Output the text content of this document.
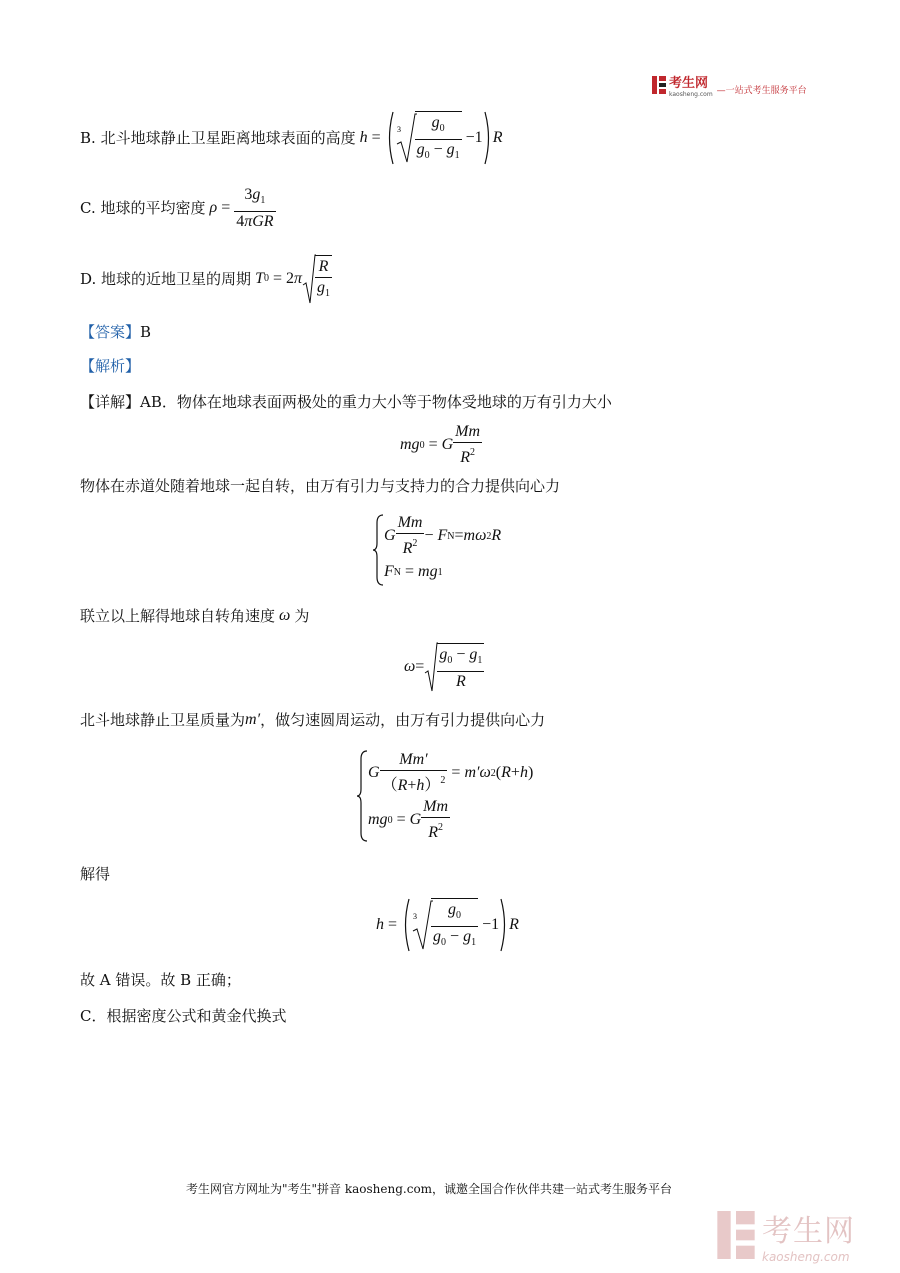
考生网
kaosheng.com —一站式考生服务平台
B.
北斗地球静止卫星距离地球表面的高度 $h = 3 \frac{g_0}{g_0 - g_1} -1$ R
C.
地球的平均密度 $\rho = \frac{3g_1}{\text{4πGR}}$
D.
地球的近地卫星的周期
T 0 = 2 π $\frac{R}{g_1}$
【答案】B
【解析】
【详解】AB．物体在地球表面两极处的重力大小等于物体受地球的万有引力大小
mg 0 = G $\frac{Mm}{R^2}$
物体在赤道处随着地球一起自转，由万有引力与支持力的合力提供向心力
G $\frac{Mm}{R^2} - F$ N = mω 2 R
F N = mg 1
联立以上解得地球自转角速度 ω 为
$\omega = \frac{g_0 - g_1}{R}$
北斗地球静止卫星质量为 m′ ，做匀速圆周运动，由万有引力提供向心力
G $\frac{Mm'}{(R+h)^2} = m'\omega$ 2 ( R + h )
mg 0 = G $\frac{Mm}{R^2}$
解得
$h = 3 \frac{g_0}{g_0 - g_1} -1$ R
故 A 错误。故 B 正确；
C．根据密度公式和黄金代换式
考生网官方网址为"考生"拼音 kaosheng.com，诚邀全国合作伙伴共建一站式考生服务平台
考生网
kaosheng.com
